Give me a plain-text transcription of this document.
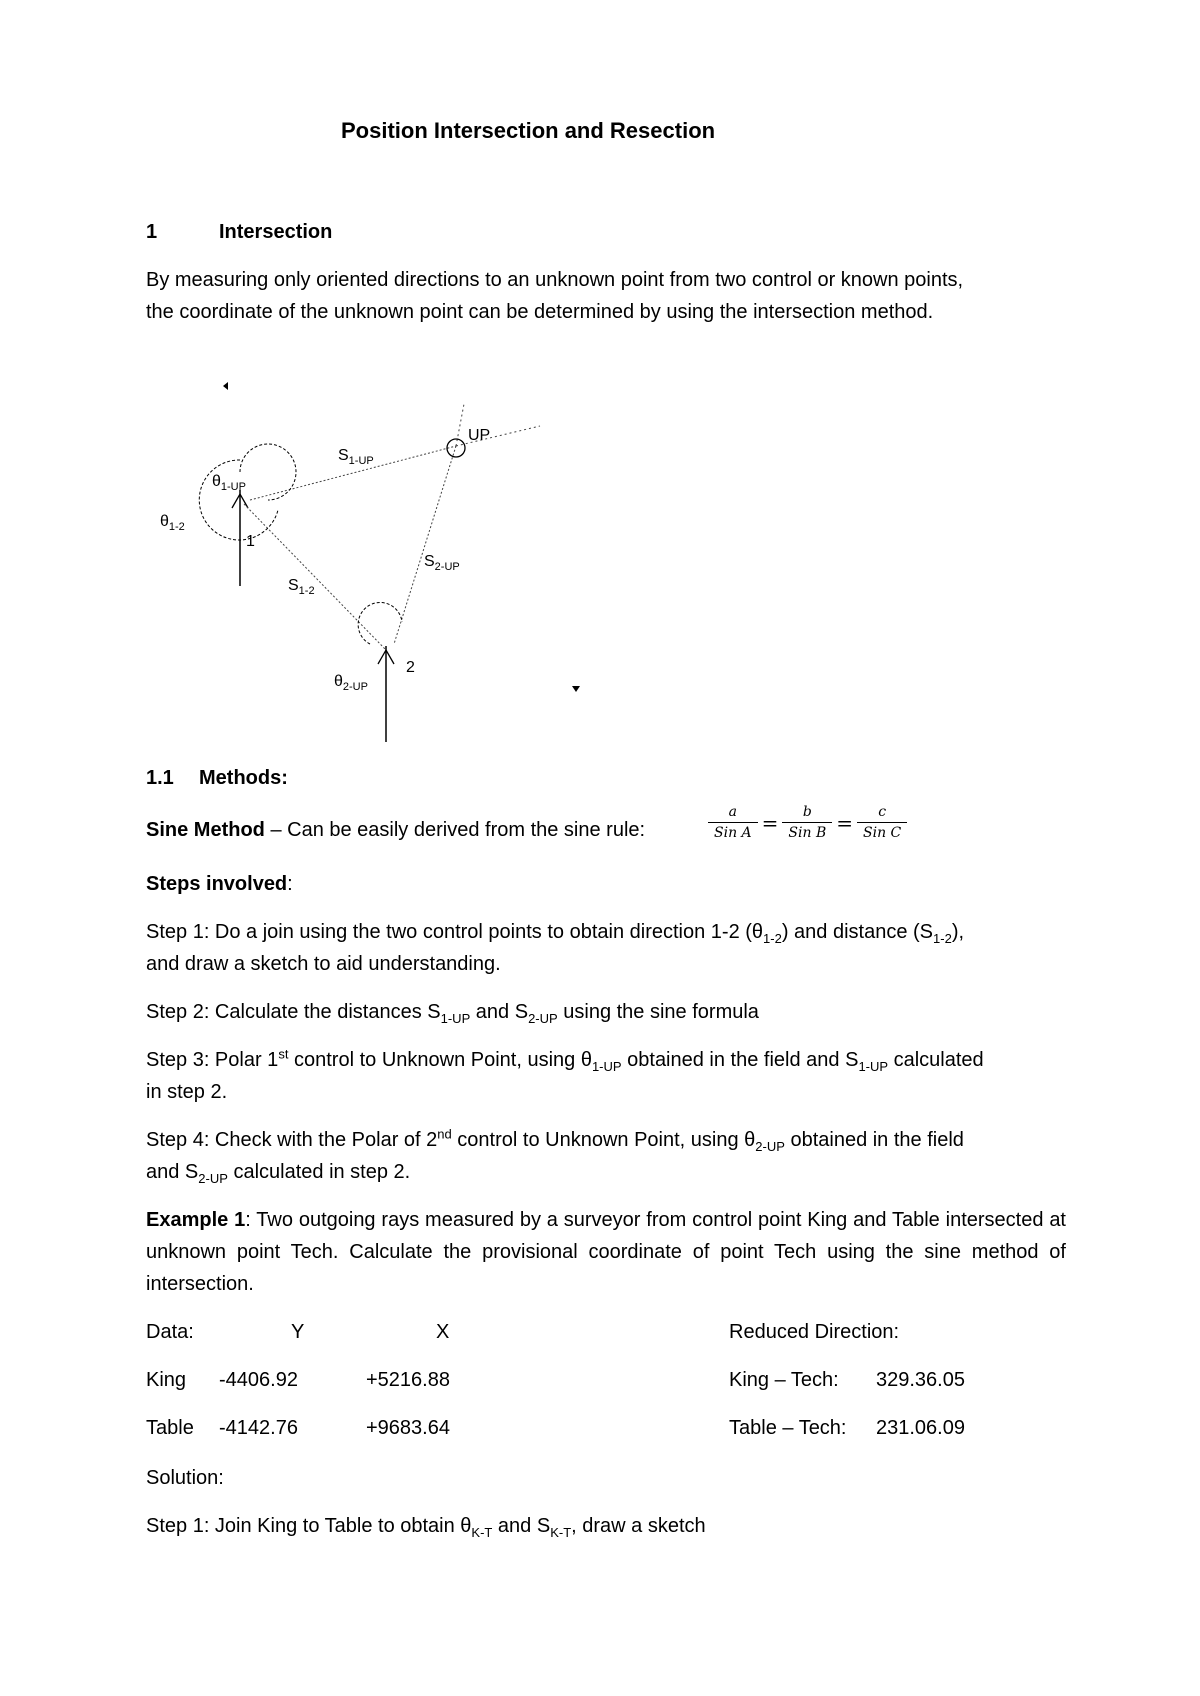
Position Intersection and Resection
1	Intersection
By measuring only oriented directions to an unknown point from two control or known points,
the coordinate of the unknown point can be determined by using the intersection method.
UP
$S_{1-UP}$
$\theta_{1-UP}$
$\theta_{1-2}$
1
$S_{2-UP}$
$S_{1-2}$
2
$\theta_{2-UP}$
1.1 Methods:
Sine Method – Can be easily derived from the sine rule:	$\frac{a}{\text{Sin A}} = \frac{b}{\text{Sin B}} = \frac{c}{\text{Sin C}}$
Steps involved:
Step 1: Do a join using the two control points to obtain direction 1-2 $(\theta_{1-2})$ and distance $(S_{1-2})$,
and draw a sketch to aid understanding.
Step 2: Calculate the distances $S_{1-UP}$ and $S_{2-UP}$ using the sine formula
Step 3: Polar 1st control to Unknown Point, using $\theta_{1-UP}$ obtained in the field and $S_{1-UP}$ calculated
in step 2.
Step 4: Check with the Polar of 2nd control to Unknown Point, using $\theta_{2-UP}$ obtained in the field
and $S_{2-UP}$ calculated in step 2.
Example 1: Two outgoing rays measured by a surveyor from control point King and Table intersected at unknown point Tech. Calculate the provisional coordinate of point Tech using the sine method of intersection.
Data:	Y	X	Reduced Direction:
King -4406.92	+5216.88	King – Tech: 329.36.05
Table -4142.76	+9683.64	Table – Tech: 231.06.09
Solution:
Step 1: Join King to Table to obtain $\theta_{K-T}$ and $S_{K-T}$, draw a sketch
